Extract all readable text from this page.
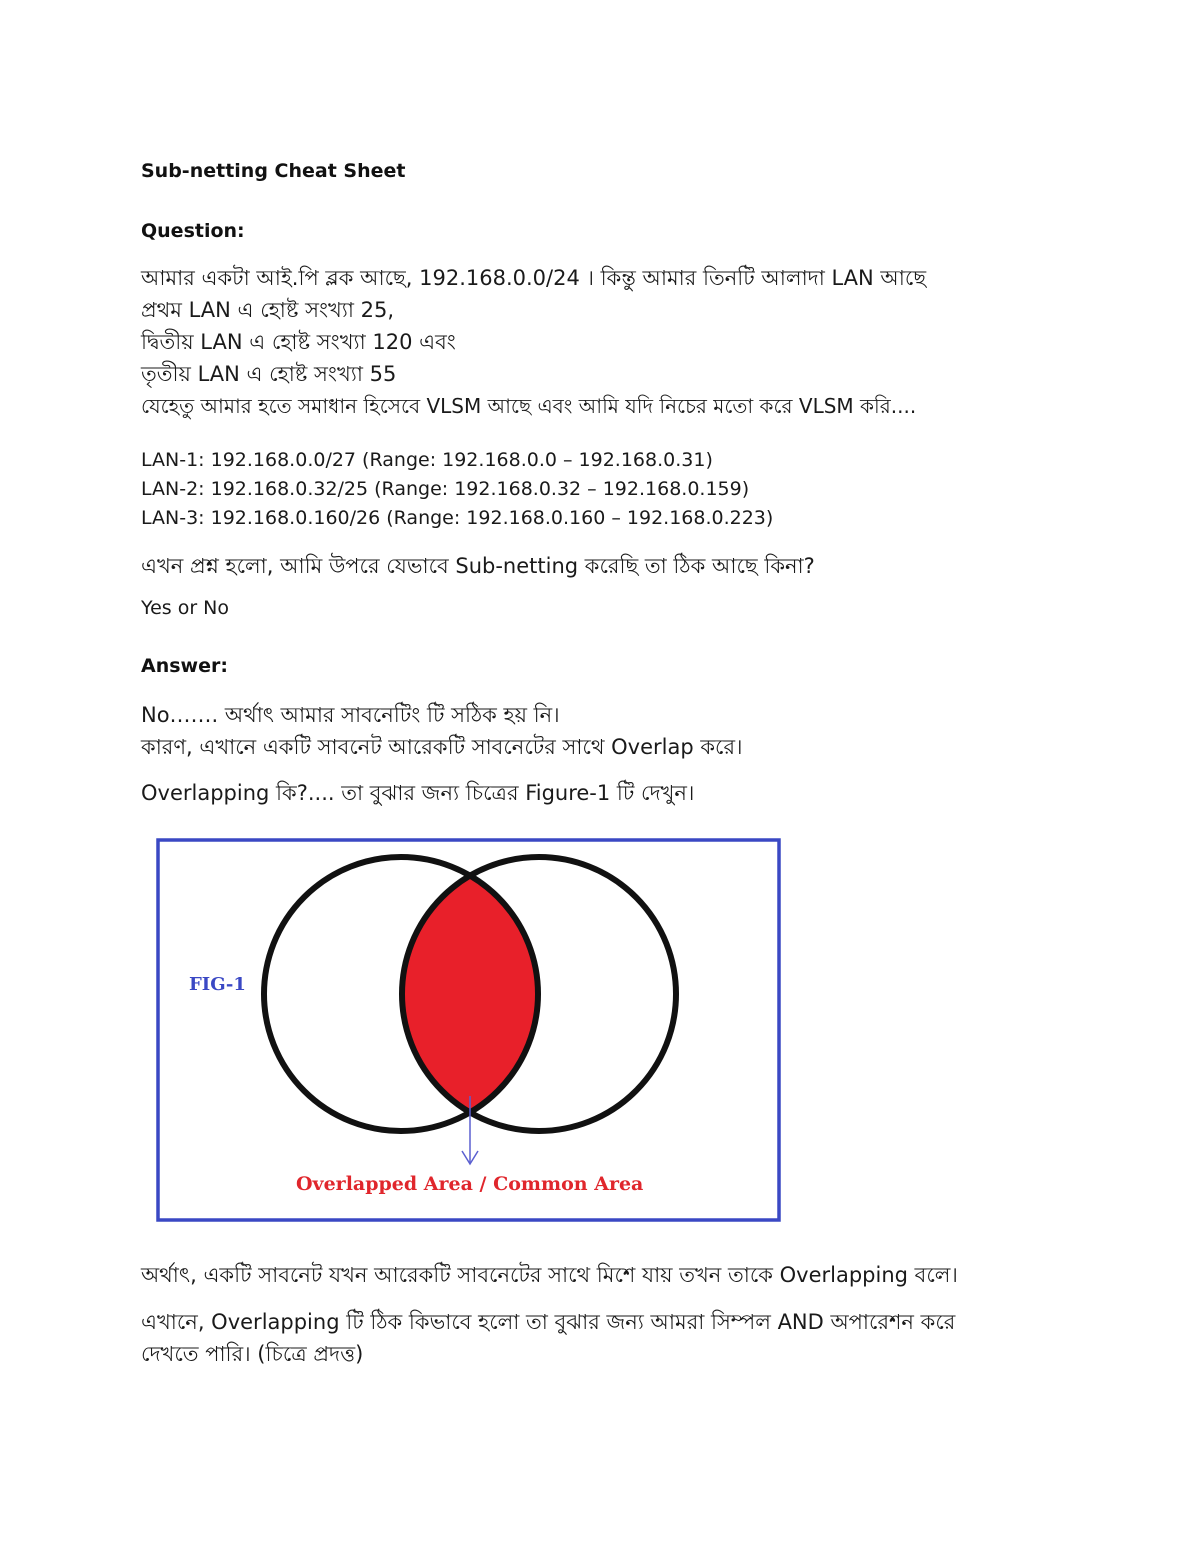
Sub-netting Cheat Sheet
Question:
আমার একটা আই.পি ব্লক আছে, 192.168.0.0/24 । কিন্তু আমার তিনটি আলাদা LAN আছে
প্রথম LAN এ হোষ্ট সংখ্যা 25,
দ্বিতীয় LAN এ হোষ্ট সংখ্যা 120 এবং
তৃতীয় LAN এ হোষ্ট সংখ্যা 55
যেহেতু আমার হতে সমাধান হিসেবে VLSM আছে এবং আমি যদি নিচের মতো করে VLSM করি....
LAN-1: 192.168.0.0/27 (Range: 192.168.0.0 – 192.168.0.31)
LAN-2: 192.168.0.32/25 (Range: 192.168.0.32 – 192.168.0.159)
LAN-3: 192.168.0.160/26 (Range: 192.168.0.160 – 192.168.0.223)
এখন প্রশ্ন হলো, আমি উপরে যেভাবে Sub-netting করেছি তা ঠিক আছে কিনা?
Yes or No
Answer:
No……. অর্থাৎ আমার সাবনেটিং টি সঠিক হয় নি।
কারণ, এখানে একটি সাবনেট আরেকটি সাবনেটের সাথে Overlap করে।
Overlapping কি?.... তা বুঝার জন্য চিত্রের Figure-1 টি দেখুন।
FIG-1
Overlapped Area / Common Area
অর্থাৎ, একটি সাবনেট যখন আরেকটি সাবনেটের সাথে মিশে যায় তখন তাকে Overlapping বলে।
এখানে, Overlapping টি ঠিক কিভাবে হলো তা বুঝার জন্য আমরা সিম্পল AND অপারেশন করে
দেখতে পারি। (চিত্রে প্রদত্ত)
